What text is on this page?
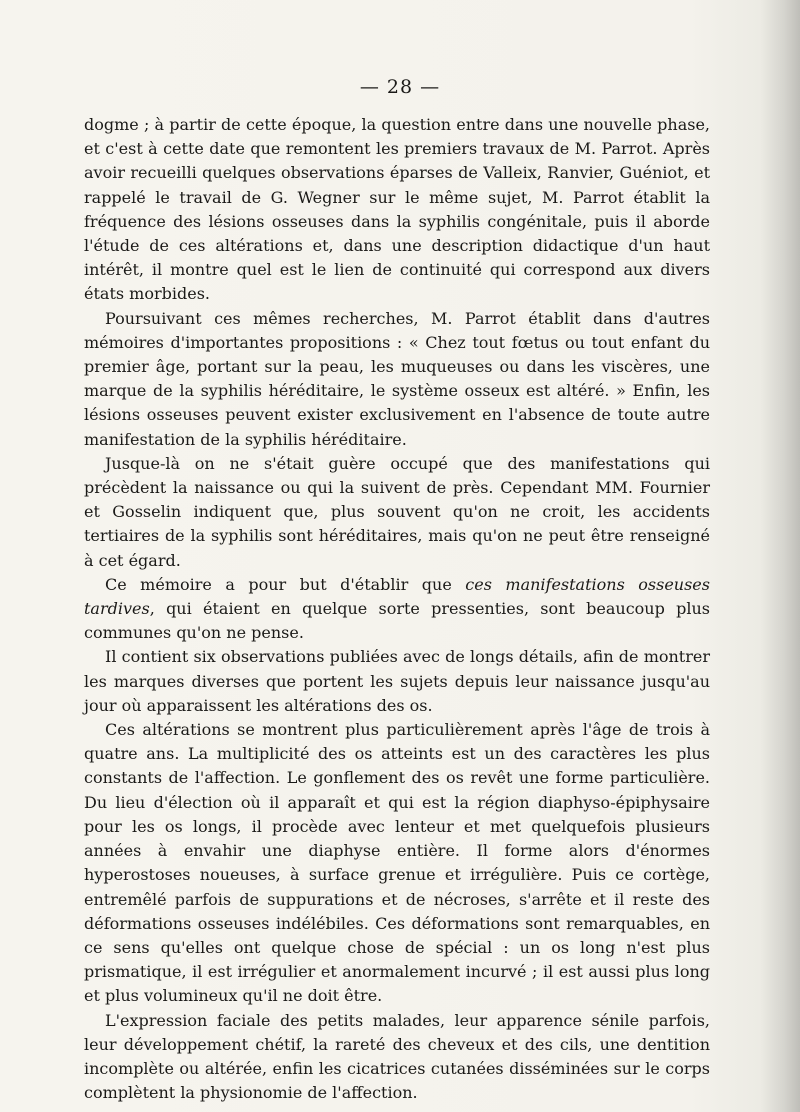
— 28 —

dogme ; à partir de cette époque, la question entre dans une nouvelle phase, et c'est à cette date que remontent les premiers travaux de M. Parrot. Après avoir recueilli quelques observations éparses de Valleix, Ranvier, Guéniot, et rappelé le travail de G. Wegner sur le même sujet, M. Parrot établit la fréquence des lésions osseuses dans la syphilis congénitale, puis il aborde l'étude de ces altérations et, dans une description didactique d'un haut intérêt, il montre quel est le lien de continuité qui correspond aux divers états morbides.

Poursuivant ces mêmes recherches, M. Parrot établit dans d'autres mémoires d'importantes propositions : « Chez tout fœtus ou tout enfant du premier âge, portant sur la peau, les muqueuses ou dans les viscères, une marque de la syphilis héréditaire, le système osseux est altéré. » Enfin, les lésions osseuses peuvent exister exclusivement en l'absence de toute autre manifestation de la syphilis héréditaire.

Jusque-là on ne s'était guère occupé que des manifestations qui précèdent la naissance ou qui la suivent de près. Cependant MM. Fournier et Gosselin indiquent que, plus souvent qu'on ne croit, les accidents tertiaires de la syphilis sont héréditaires, mais qu'on ne peut être renseigné à cet égard.

Ce mémoire a pour but d'établir que ces manifestations osseuses tardives, qui étaient en quelque sorte pressenties, sont beaucoup plus communes qu'on ne pense.

Il contient six observations publiées avec de longs détails, afin de montrer les marques diverses que portent les sujets depuis leur naissance jusqu'au jour où apparaissent les altérations des os.

Ces altérations se montrent plus particulièrement après l'âge de trois à quatre ans. La multiplicité des os atteints est un des caractères les plus constants de l'affection. Le gonflement des os revêt une forme particulière. Du lieu d'élection où il apparaît et qui est la région diaphyso-épiphysaire pour les os longs, il procède avec lenteur et met quelquefois plusieurs années à envahir une diaphyse entière. Il forme alors d'énormes hyperostoses noueuses, à surface grenue et irrégulière. Puis ce cortège, entremêlé parfois de suppurations et de nécroses, s'arrête et il reste des déformations osseuses indélébiles. Ces déformations sont remarquables, en ce sens qu'elles ont quelque chose de spécial : un os long n'est plus prismatique, il est irrégulier et anormalement incurvé ; il est aussi plus long et plus volumineux qu'il ne doit être.

L'expression faciale des petits malades, leur apparence sénile parfois, leur développement chétif, la rareté des cheveux et des cils, une dentition incomplète ou altérée, enfin les cicatrices cutanées disséminées sur le corps complètent la physionomie de l'affection.
